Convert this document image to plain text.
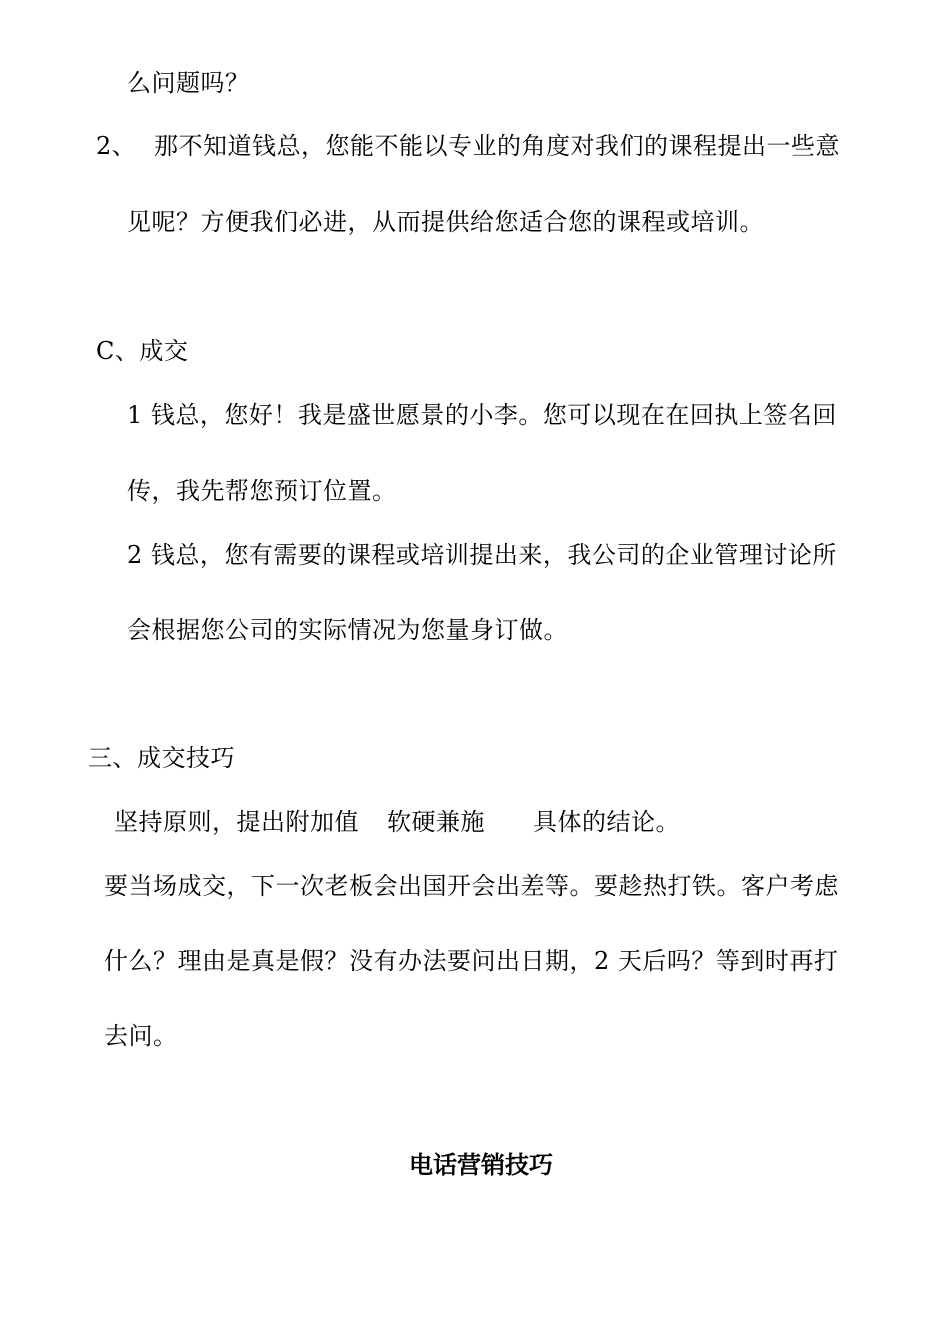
么问题吗？
2、 那不知道钱总，您能不能以专业的角度对我们的课程提出一些意
见呢？方便我们必进，从而提供给您适合您的课程或培训。
C、成交
1 钱总，您好！我是盛世愿景的小李。您可以现在在回执上签名回
传，我先帮您预订位置。
2 钱总，您有需要的课程或培训提出来，我公司的企业管理讨论所
会根据您公司的实际情况为您量身订做。
三、成交技巧
坚持原则，提出附加值 软硬兼施 具体的结论。
要当场成交，下一次老板会出国开会出差等。要趁热打铁。客户考虑
什么？理由是真是假？没有办法要问出日期，2 天后吗？等到时再打
去问。
电话营销技巧
